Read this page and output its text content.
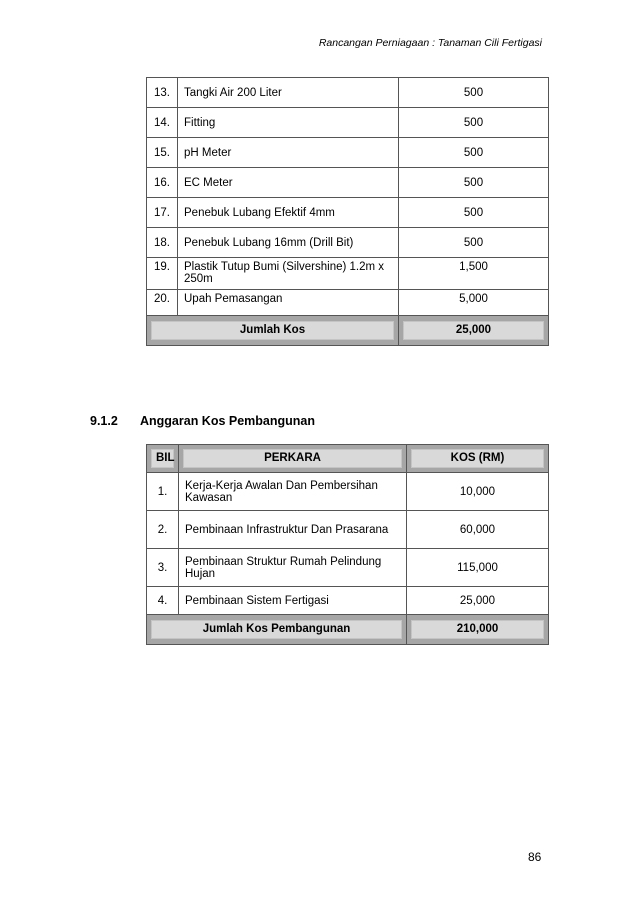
Rancangan Perniagaan : Tanaman Cili Fertigasi
13.	Tangki Air 200 Liter	500
14.	Fitting	500
15.	pH Meter	500
16.	EC Meter	500
17.	Penebuk Lubang Efektif 4mm	500
18.	Penebuk Lubang 16mm (Drill Bit)	500
19.	Plastik Tutup Bumi (Silvershine) 1.2m x 250m	1,500
20.	Upah Pemasangan	5,000

Jumlah Kos		25,000
9.1.2 Anggaran Kos Pembangunan
BIL	PERKARA	KOS (RM)

1.	Kerja-Kerja Awalan Dan Pembersihan Kawasan	10,000
2.	Pembinaan Infrastruktur Dan Prasarana	60,000
3.	Pembinaan Struktur Rumah Pelindung Hujan	115,000
4.	Pembinaan Sistem Fertigasi	25,000

Jumlah Kos Pembangunan		210,000
86
